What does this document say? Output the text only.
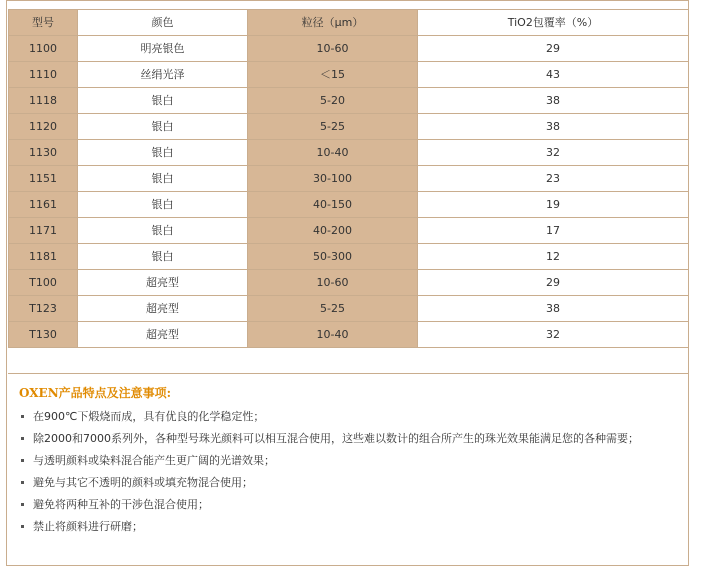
型号	颜色	粒径（μm）	TiO2包覆率（%）
1100	明亮银色	10-60	29
1110	丝绢光泽	＜15	43
1118	银白	5-20	38
1120	银白	5-25	38
1130	银白	10-40	32
1151	银白	30-100	23
1161	银白	40-150	19
1171	银白	40-200	17
1181	银白	50-300	12
T100	超亮型	10-60	29
T123	超亮型	5-25	38
T130	超亮型	10-40	32
OXEN产品特点及注意事项:
在900℃下煅烧而成，具有优良的化学稳定性；
除2000和7000系列外，各种型号珠光颜料可以相互混合使用，这些难以数计的组合所产生的珠光效果能满足您的各种需要；
与透明颜料或染料混合能产生更广阔的光谱效果；
避免与其它不透明的颜料或填充物混合使用；
避免将两种互补的干涉色混合使用；
禁止将颜料进行研磨；
